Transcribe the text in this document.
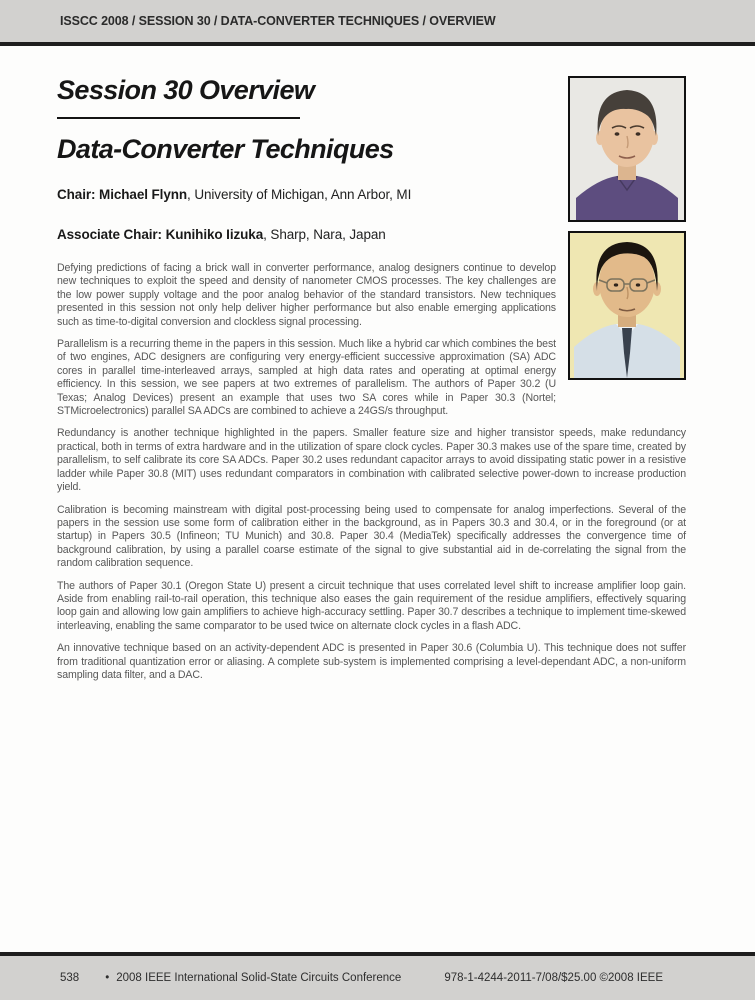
ISSCC 2008 / SESSION 30 / DATA-CONVERTER TECHNIQUES / OVERVIEW
Session 30 Overview
Data-Converter Techniques

Chair: Michael Flynn, University of Michigan, Ann Arbor, MI

Associate Chair: Kunihiko Iizuka, Sharp, Nara, Japan

Defying predictions of facing a brick wall in converter performance, analog designers continue to develop new techniques to exploit the speed and density of nanometer CMOS processes. The key challenges are the low power supply voltage and the poor analog behavior of the standard transistors. New techniques presented in this session not only help deliver higher performance but also enable emerging applications such as time-to-digital conversion and clockless signal processing.

Parallelism is a recurring theme in the papers in this session. Much like a hybrid car which combines the best of two engines, ADC designers are configuring very energy-efficient successive approximation (SA) ADC cores in parallel time-interleaved arrays, sampled at high data rates and operating at optimal energy efficiency. In this session, we see papers at two extremes of parallelism. The authors of Paper 30.2 (U Texas; Analog Devices) present an example that uses two SA cores while in Paper 30.3 (Nortel; STMicroelectronics) parallel SA ADCs are combined to achieve a 24GS/s throughput.

Redundancy is another technique highlighted in the papers. Smaller feature size and higher transistor speeds, make redundancy practical, both in terms of extra hardware and in the utilization of spare clock cycles. Paper 30.3 makes use of the spare time, created by parallelism, to self calibrate its core SA ADCs. Paper 30.2 uses redundant capacitor arrays to avoid dissipating static power in a resistive ladder while Paper 30.8 (MIT) uses redundant comparators in combination with calibrated selective power-down to increase production yield.

Calibration is becoming mainstream with digital post-processing being used to compensate for analog imperfections. Several of the papers in the session use some form of calibration either in the background, as in Papers 30.3 and 30.4, or in the foreground (or at startup) in Papers 30.5 (Infineon; TU Munich) and 30.8. Paper 30.4 (MediaTek) specifically addresses the convergence time of background calibration, by using a parallel coarse estimate of the signal to give substantial aid in de-correlating the signal from the random calibration sequence.

The authors of Paper 30.1 (Oregon State U) present a circuit technique that uses correlated level shift to increase amplifier loop gain. Aside from enabling rail-to-rail operation, this technique also eases the gain requirement of the residue amplifiers, effectively squaring loop gain and allowing low gain amplifiers to achieve high-accuracy settling. Paper 30.7 describes a technique to implement time-skewed interleaving, enabling the same comparator to be used twice on alternate clock cycles in a flash ADC.

An innovative technique based on an activity-dependent ADC is presented in Paper 30.6 (Columbia U). This technique does not suffer from traditional quantization error or aliasing. A complete sub-system is implemented comprising a level-dependant ADC, a non-uniform sampling data filter, and a DAC.

538 • 2008 IEEE International Solid-State Circuits Conference	978-1-4244-2011-7/08/$25.00 ©2008 IEEE
